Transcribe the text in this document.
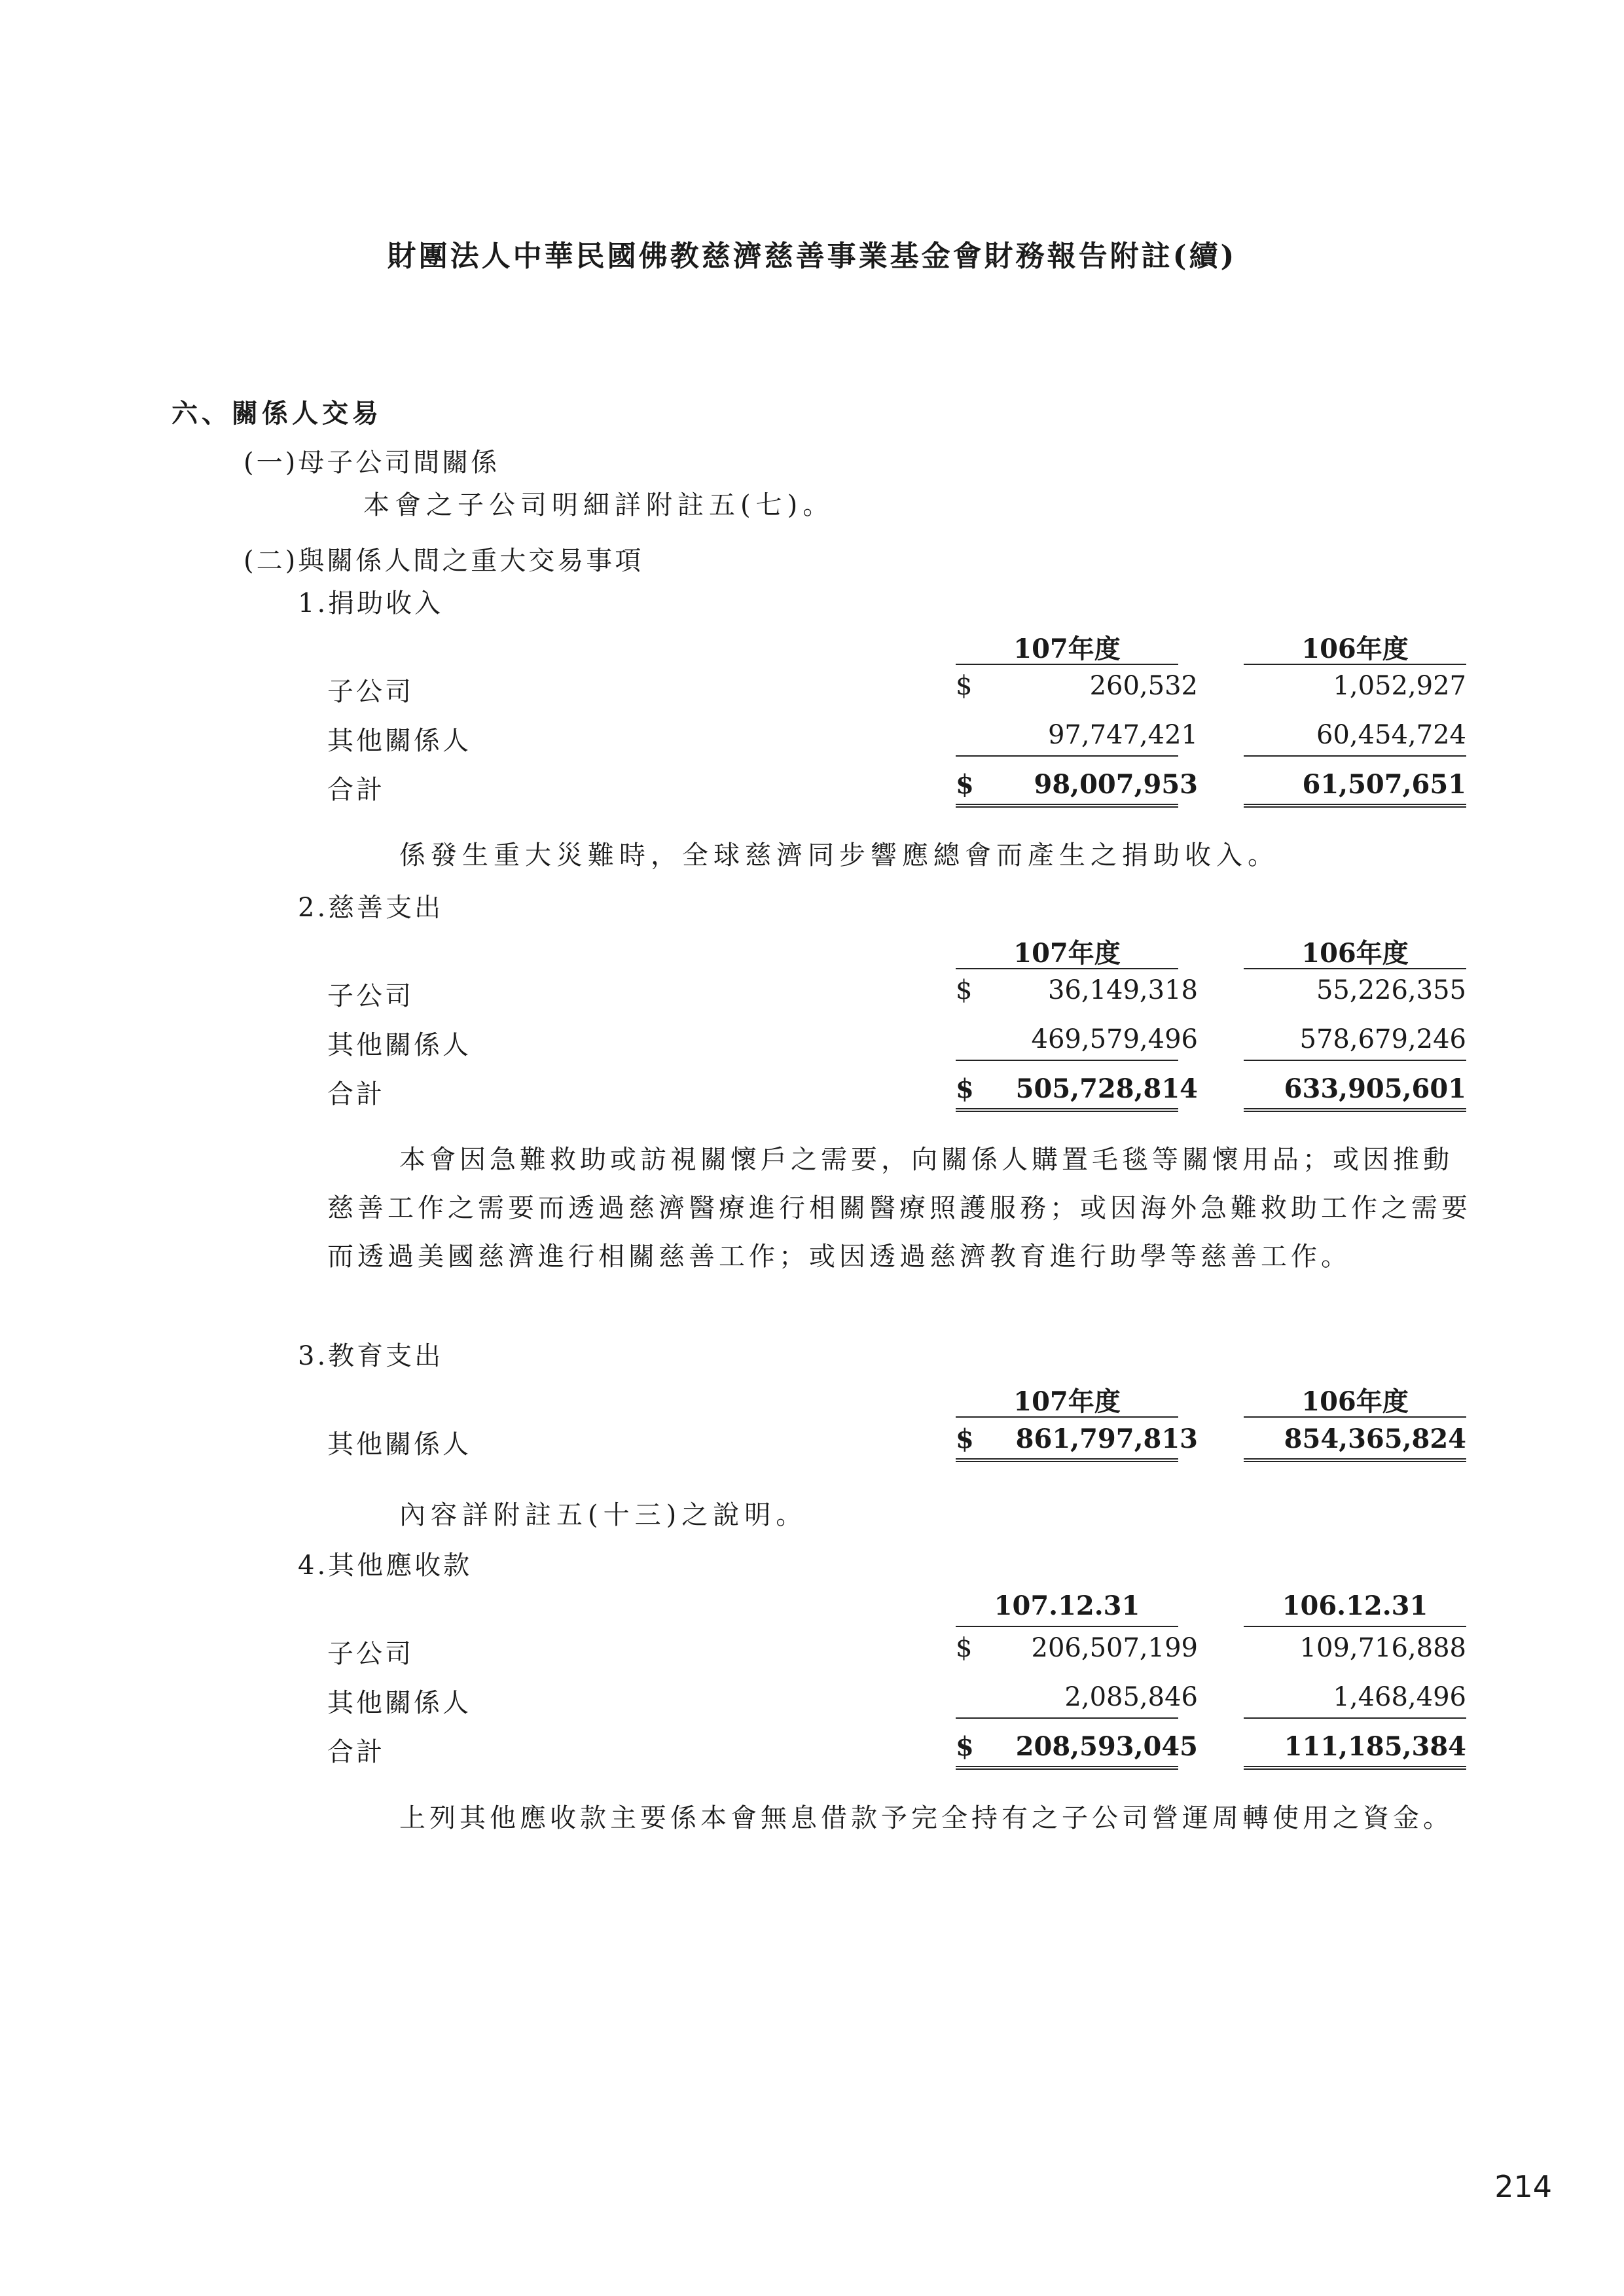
財團法人中華民國佛教慈濟慈善事業基金會財務報告附註(續)
六、關係人交易
(一)母子公司間關係
本會之子公司明細詳附註五(七)。
(二)與關係人間之重大交易事項
1.捐助收入
107年度	106年度
子公司	$	260,532	1,052,927
其他關係人	97,747,421	60,454,724
合計	$ 98,007,953	61,507,651
係發生重大災難時，全球慈濟同步響應總會而產生之捐助收入。
2.慈善支出
107年度	106年度
子公司	$	36,149,318	55,226,355
其他關係人	469,579,496	578,679,246
合計	$ 505,728,814	633,905,601
本會因急難救助或訪視關懷戶之需要，向關係人購置毛毯等關懷用品；或因推動慈善工作之需要而透過慈濟醫療進行相關醫療照護服務；或因海外急難救助工作之需要而透過美國慈濟進行相關慈善工作；或因透過慈濟教育進行助學等慈善工作。
3.教育支出
107年度	106年度
其他關係人	$ 861,797,813	854,365,824
內容詳附註五(十三)之說明。
4.其他應收款
107.12.31	106.12.31
子公司	$ 206,507,199	109,716,888
其他關係人	2,085,846	1,468,496
合計	$ 208,593,045	111,185,384
上列其他應收款主要係本會無息借款予完全持有之子公司營運周轉使用之資金。
214
